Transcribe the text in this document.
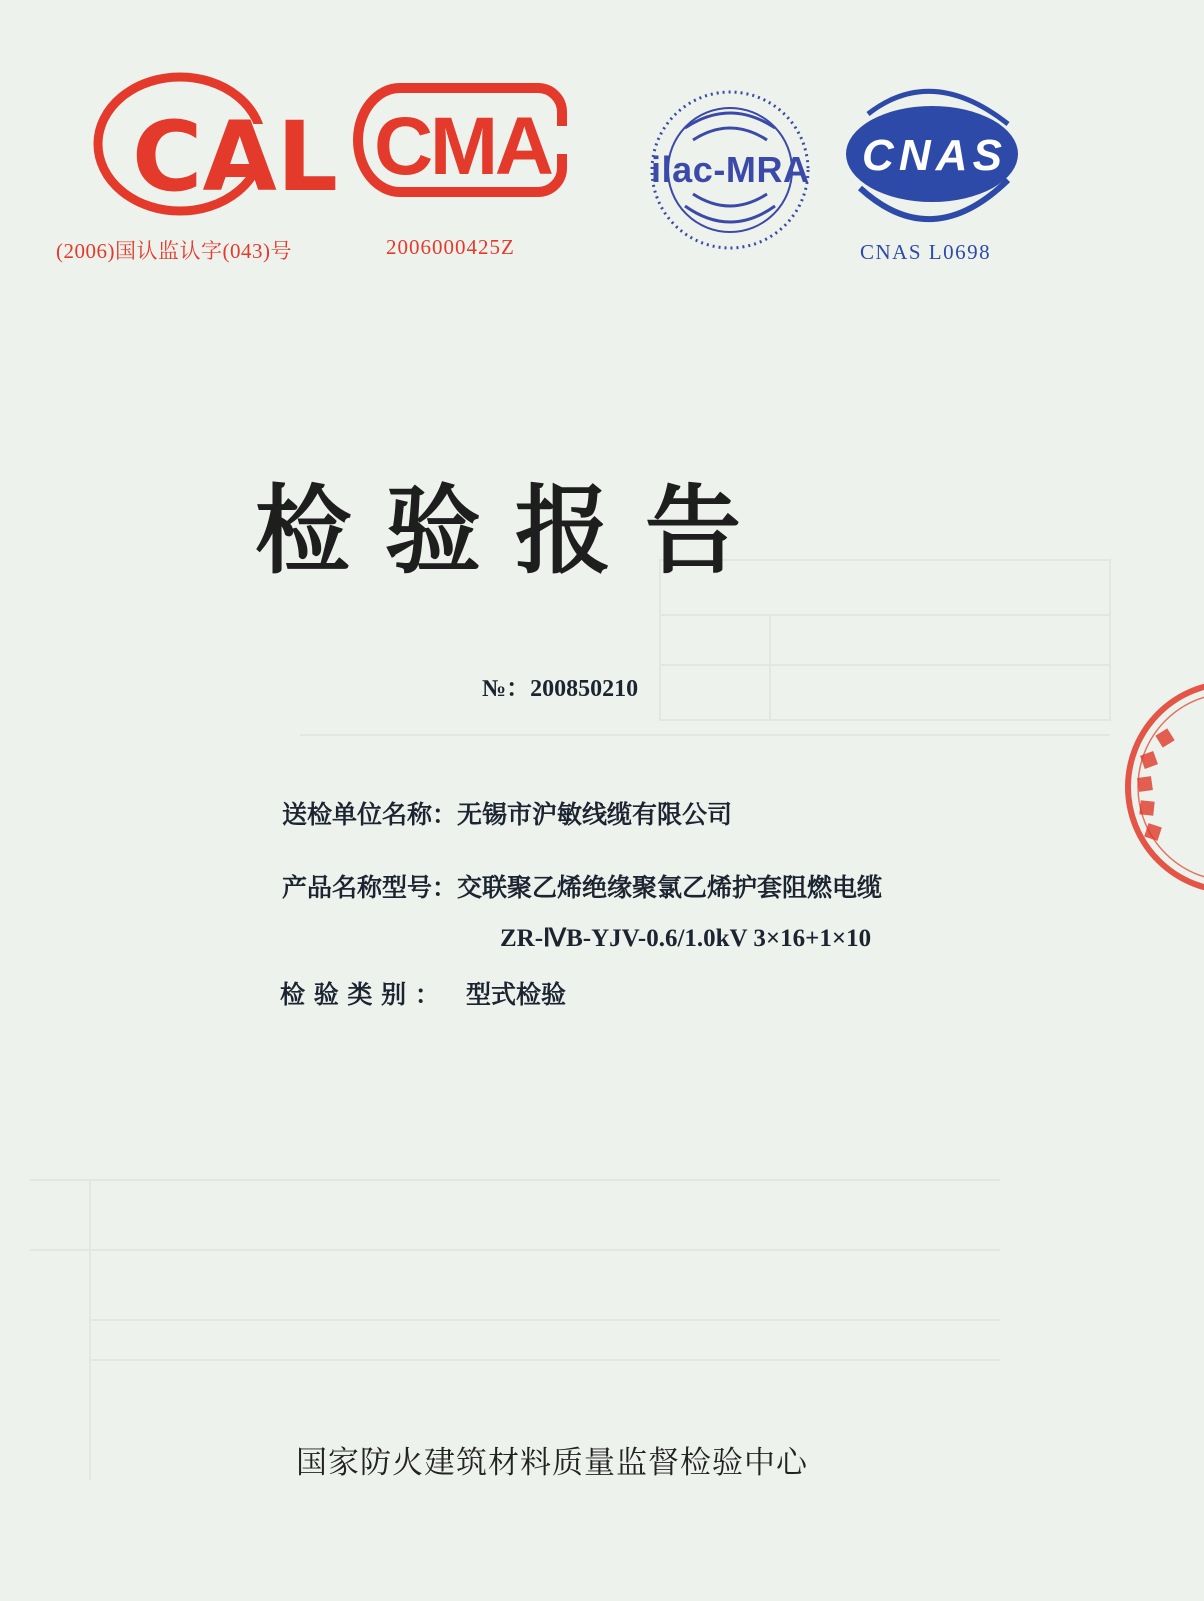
CAL
(2006)国认监认字(043)号
CMA
2006000425Z
ilac-MRA CNAS
CNAS L0698
检验报告
№：200850210
送检单位名称：无锡市沪敏线缆有限公司
产品名称型号：交联聚乙烯绝缘聚氯乙烯护套阻燃电缆
ZR-ⅣB-YJV-0.6/1.0kV 3×16+1×10
检 验 类 别 ： 型式检验
国家防火建筑材料质量监督检验中心
